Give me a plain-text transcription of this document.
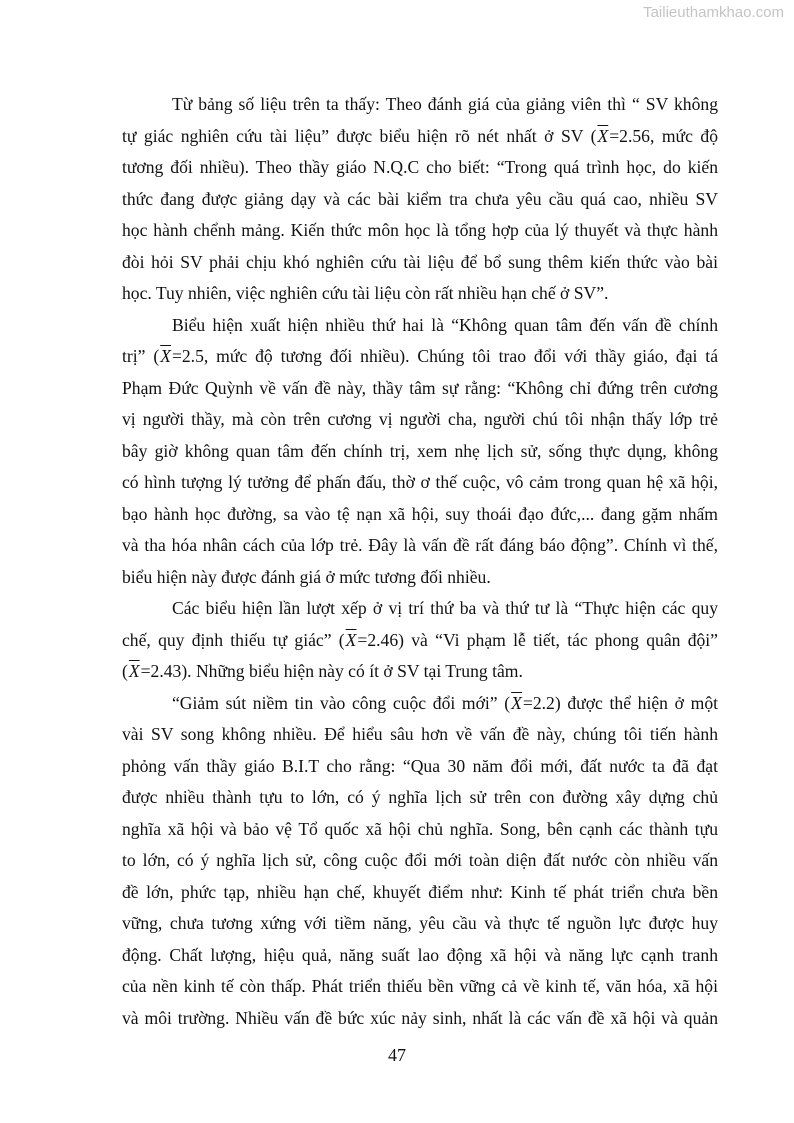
Tailieuthamkhao.com
Từ bảng số liệu trên ta thấy: Theo đánh giá của giảng viên thì “ SV không
tự giác nghiên cứu tài liệu” được biểu hiện rõ nét nhất ở SV ($\overline{X}=2.56$, mức độ
tương đối nhiều). Theo thầy giáo N.Q.C cho biết: “Trong quá trình học, do kiến
thức đang được giảng dạy và các bài kiểm tra chưa yêu cầu quá cao, nhiều SV
học hành chểnh mảng. Kiến thức môn học là tổng hợp của lý thuyết và thực hành
đòi hỏi SV phải chịu khó nghiên cứu tài liệu để bổ sung thêm kiến thức vào bài
học. Tuy nhiên, việc nghiên cứu tài liệu còn rất nhiều hạn chế ở SV”.
Biểu hiện xuất hiện nhiều thứ hai là “Không quan tâm đến vấn đề chính
trị” ($\overline{X}=2.5$, mức độ tương đối nhiều). Chúng tôi trao đổi với thầy giáo, đại tá
Phạm Đức Quỳnh về vấn đề này, thầy tâm sự rằng: “Không chỉ đứng trên cương
vị người thầy, mà còn trên cương vị người cha, người chú tôi nhận thấy lớp trẻ
bây giờ không quan tâm đến chính trị, xem nhẹ lịch sử, sống thực dụng, không
có hình tượng lý tưởng để phấn đấu, thờ ơ thế cuộc, vô cảm trong quan hệ xã hội,
bạo hành học đường, sa vào tệ nạn xã hội, suy thoái đạo đức,... đang gặm nhấm
và tha hóa nhân cách của lớp trẻ. Đây là vấn đề rất đáng báo động”. Chính vì thế,
biểu hiện này được đánh giá ở mức tương đối nhiều.
Các biểu hiện lần lượt xếp ở vị trí thứ ba và thứ tư là “Thực hiện các quy
chế, quy định thiếu tự giác” $(\overline{X}=2.46)$ và “Vi phạm lễ tiết, tác phong quân đội”
$(\overline{X}=2.43)$. Những biểu hiện này có ít ở SV tại Trung tâm.
“Giảm sút niềm tin vào công cuộc đổi mới” $(\overline{X}=2.2)$ được thể hiện ở một
vài SV song không nhiều. Để hiểu sâu hơn về vấn đề này, chúng tôi tiến hành
phỏng vấn thầy giáo B.I.T cho rằng: “Qua 30 năm đổi mới, đất nước ta đã đạt
được nhiều thành tựu to lớn, có ý nghĩa lịch sử trên con đường xây dựng chủ
nghĩa xã hội và bảo vệ Tổ quốc xã hội chủ nghĩa. Song, bên cạnh các thành tựu
to lớn, có ý nghĩa lịch sử, công cuộc đổi mới toàn diện đất nước còn nhiều vấn
đề lớn, phức tạp, nhiều hạn chế, khuyết điểm như: Kinh tế phát triển chưa bền
vững, chưa tương xứng với tiềm năng, yêu cầu và thực tế nguồn lực được huy
động. Chất lượng, hiệu quả, năng suất lao động xã hội và năng lực cạnh tranh
của nền kinh tế còn thấp. Phát triển thiếu bền vững cả về kinh tế, văn hóa, xã hội
và môi trường. Nhiều vấn đề bức xúc nảy sinh, nhất là các vấn đề xã hội và quản
47
